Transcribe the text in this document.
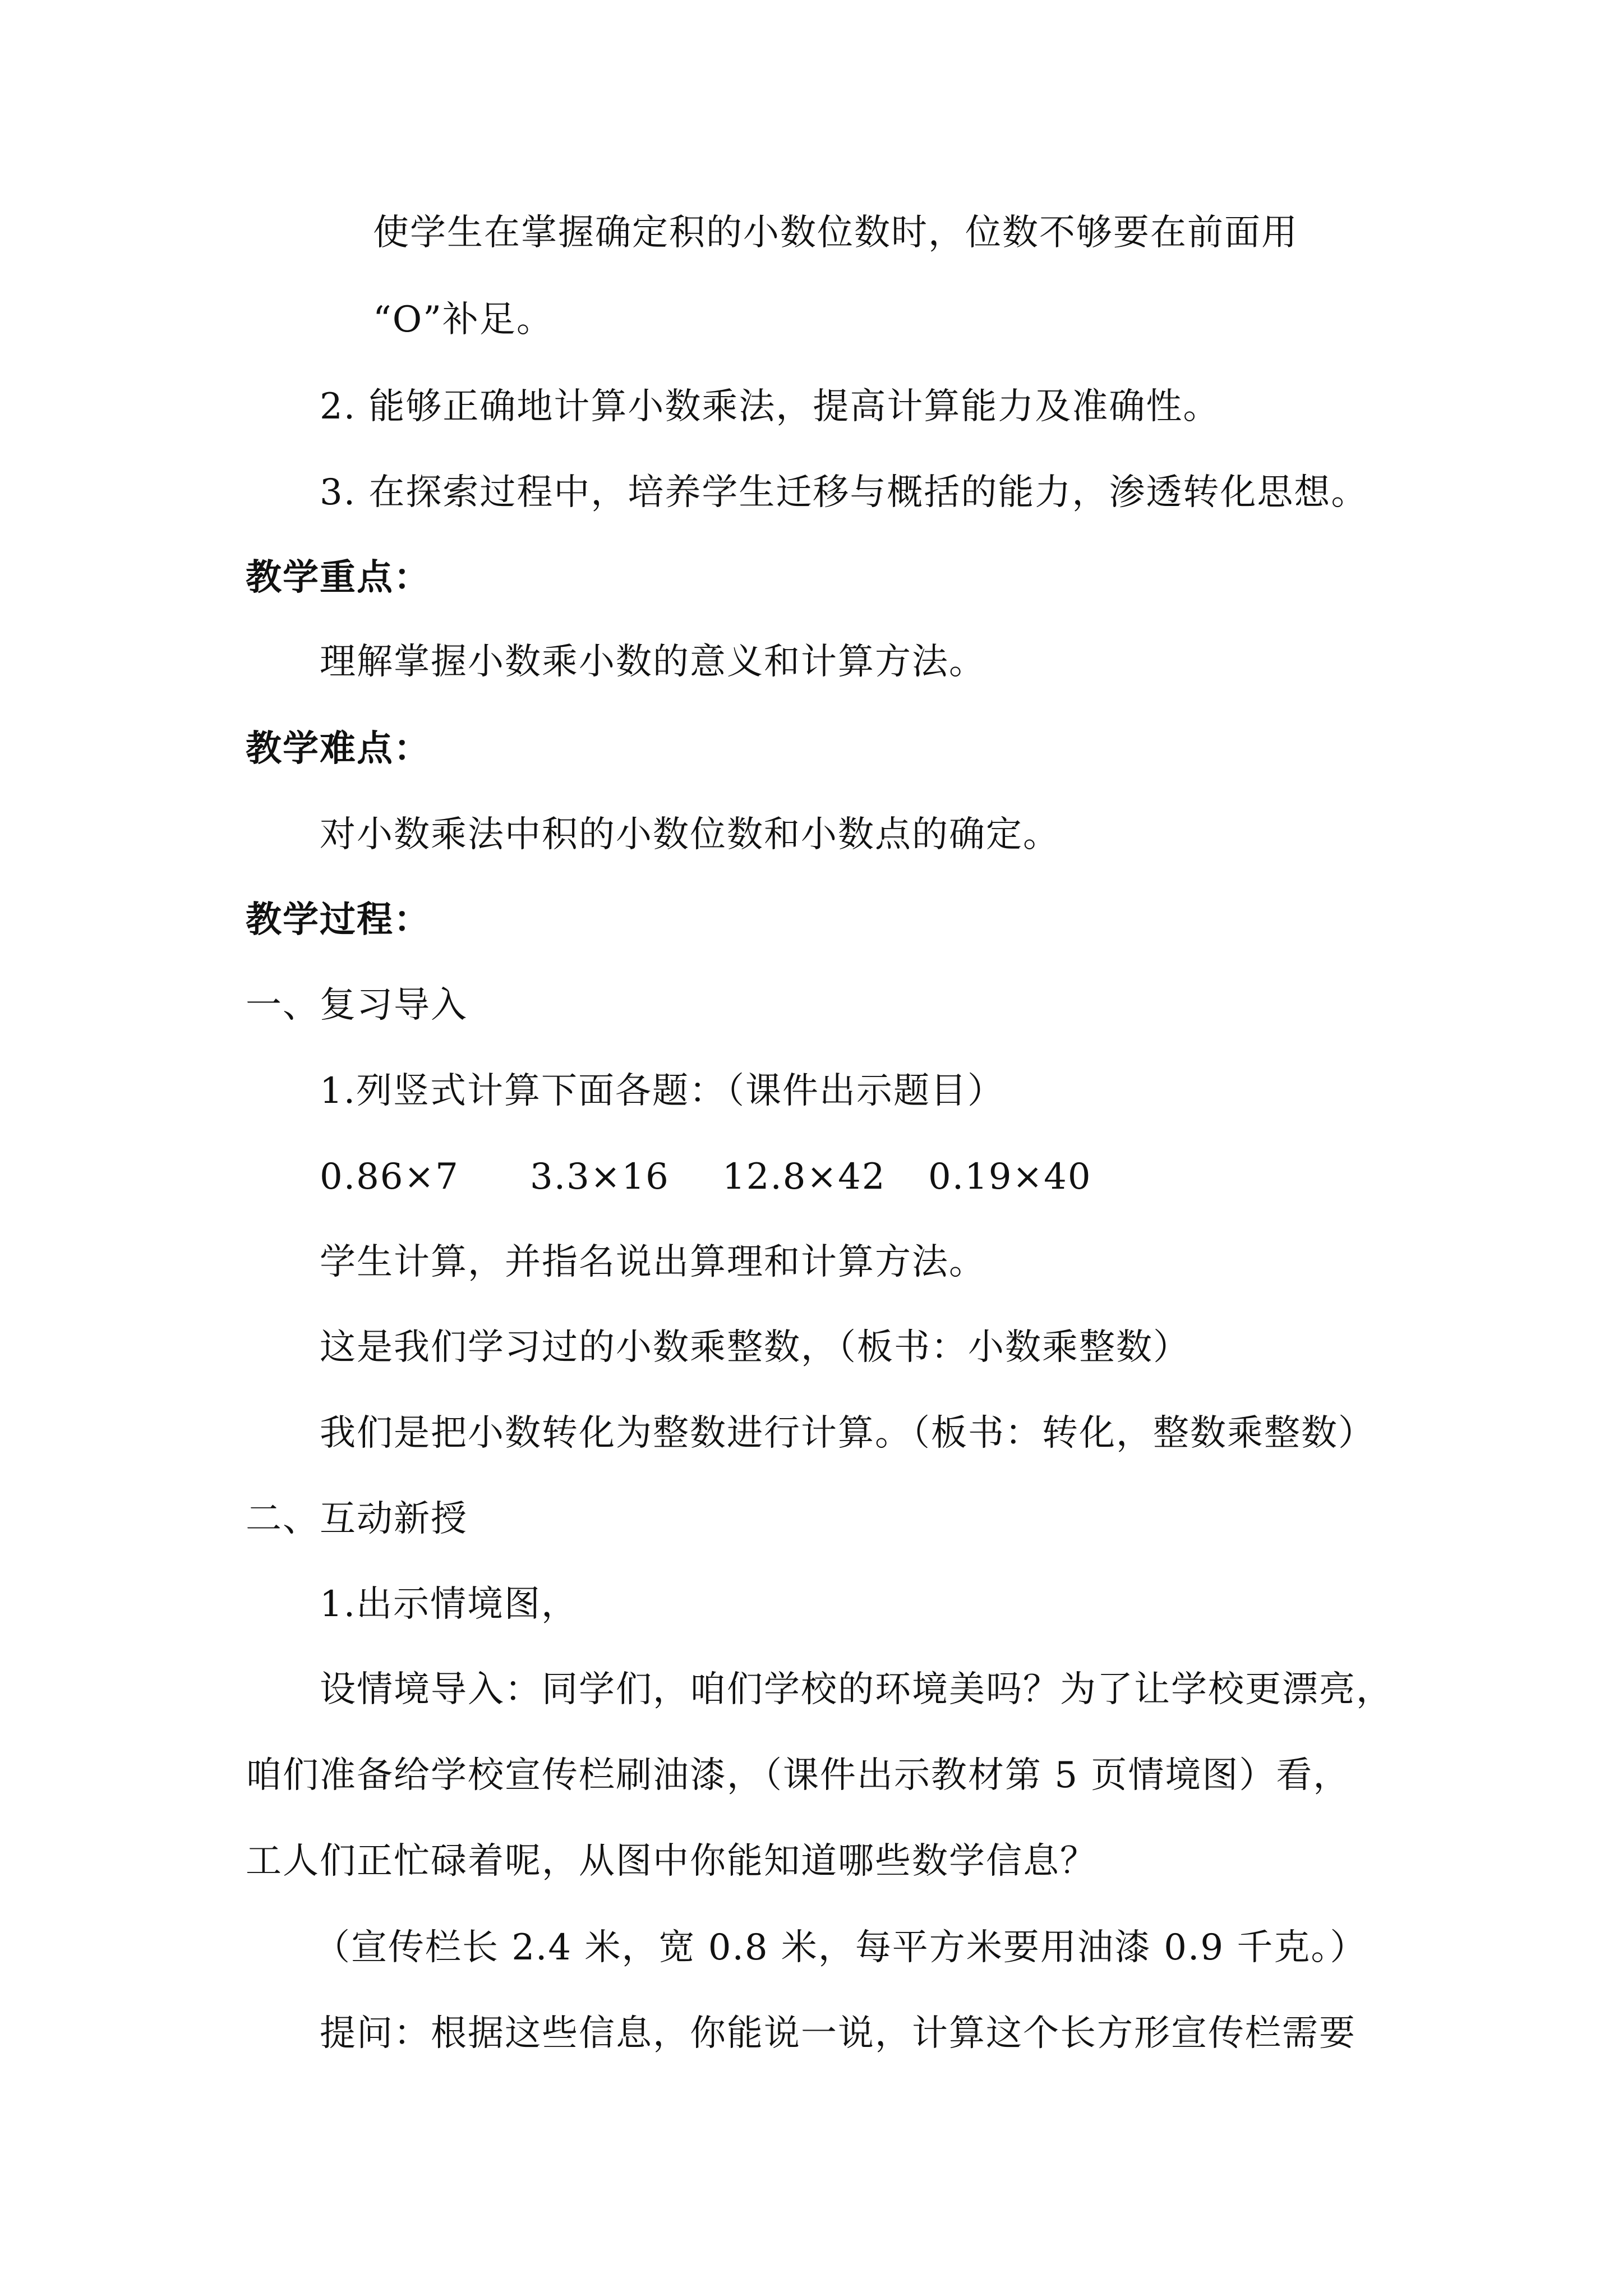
使学生在掌握确定积的小数位数时，位数不够要在前面用
“O”补足。
2. 能够正确地计算小数乘法，提高计算能力及准确性。
3. 在探索过程中，培养学生迁移与概括的能力，渗透转化思想。
教学重点：
理解掌握小数乘小数的意义和计算方法。
教学难点：
对小数乘法中积的小数位数和小数点的确定。
教学过程：
一、复习导入
1.列竖式计算下面各题：（课件出示题目）
0.86×7 3.3×16 12.8×42 0.19×40
学生计算，并指名说出算理和计算方法。
这是我们学习过的小数乘整数，（板书：小数乘整数）
我们是把小数转化为整数进行计算。（板书：转化，整数乘整数）
二、互动新授
1.出示情境图，
设情境导入：同学们，咱们学校的环境美吗？为了让学校更漂亮，
咱们准备给学校宣传栏刷油漆，（课件出示教材第 5 页情境图）看，
工人们正忙碌着呢，从图中你能知道哪些数学信息？
（宣传栏长 2.4 米，宽 0.8 米，每平方米要用油漆 0.9 千克。）
提问：根据这些信息，你能说一说，计算这个长方形宣传栏需要
